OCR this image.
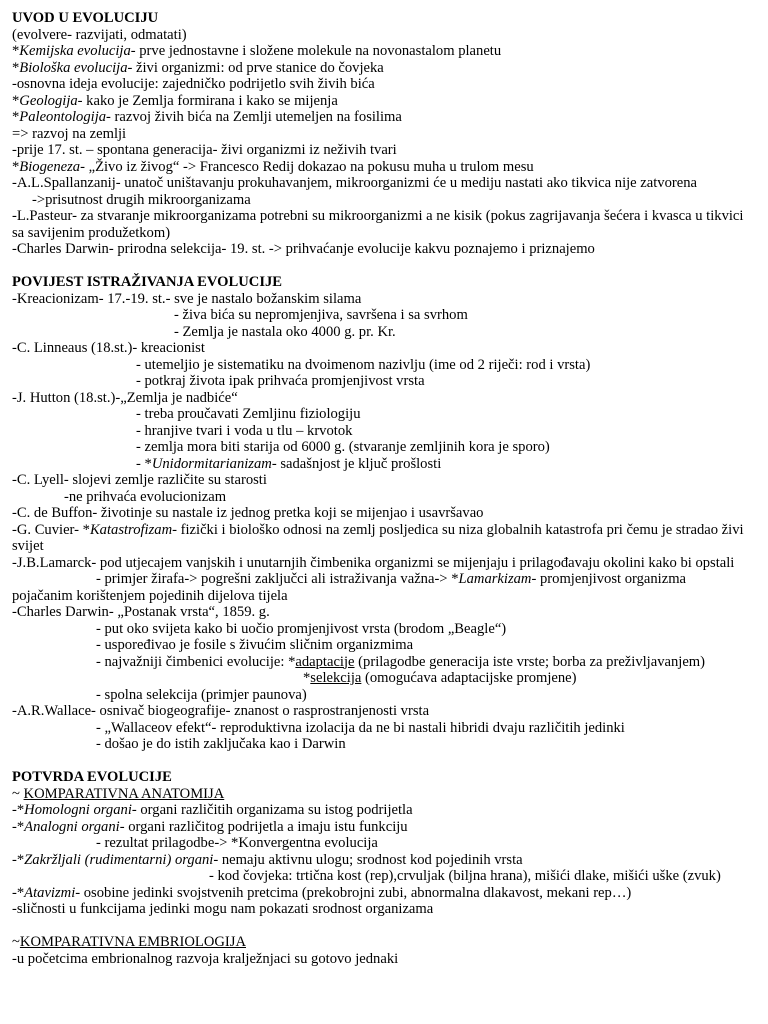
UVOD U EVOLUCIJU
(evolvere- razvijati, odmatati)
*Kemijska evolucija- prve jednostavne i složene molekule na novonastalom planetu
*Biološka evolucija- živi organizmi: od prve stanice do čovjeka
-osnovna ideja evolucije: zajedničko podrijetlo svih živih bića
*Geologija- kako je Zemlja formirana i kako se mijenja
*Paleontologija- razvoj živih bića na Zemlji utemeljen na fosilima
=> razvoj na zemlji
-prije 17. st. – spontana generacija- živi organizmi iz neživih tvari
*Biogeneza- „Živo iz živog“ -> Francesco Redij dokazao na pokusu muha u trulom mesu
-A.L.Spallanzanij- unatoč uništavanju prokuhavanjem, mikroorganizmi će u mediju nastati ako tikvica nije zatvorena
->prisutnost drugih mikroorganizama
-L.Pasteur- za stvaranje mikroorganizama potrebni su mikroorganizmi a ne kisik (pokus zagrijavanja šećera i kvasca u tikvici sa savijenim produžetkom)
-Charles Darwin- prirodna selekcija- 19. st. -> prihvaćanje evolucije kakvu poznajemo i priznajemo
POVIJEST ISTRAŽIVANJA EVOLUCIJE
-Kreacionizam- 17.-19. st.- sve je nastalo božanskim silama
- živa bića su nepromjenjiva, savršena i sa svrhom
- Zemlja je nastala oko 4000 g. pr. Kr.
-C. Linneaus (18.st.)- kreacionist
- utemeljio je sistematiku na dvoimenom nazivlju (ime od 2 riječi: rod i vrsta)
- potkraj života ipak prihvaća promjenjivost vrsta
-J. Hutton (18.st.)-„Zemlja je nadbiće“
- treba proučavati Zemljinu fiziologiju
- hranjive tvari i voda u tlu – krvotok
- zemlja mora biti starija od 6000 g. (stvaranje zemljinih kora je sporo)
- *Unidormitarianizam- sadašnjost je ključ prošlosti
-C. Lyell- slojevi zemlje različite su starosti
-ne prihvaća evolucionizam
-C. de Buffon- životinje su nastale iz jednog pretka koji se mijenjao i usavršavao
-G. Cuvier- *Katastrofizam- fizički i biološko odnosi na zemlj posljedica su niza globalnih katastrofa pri čemu je stradao živi svijet
-J.B.Lamarck- pod utjecajem vanjskih i unutarnjih čimbenika organizmi se mijenjaju i prilagođavaju okolini kako bi opstali
- primjer žirafa-> pogrešni zaključci ali istraživanja važna-> *Lamarkizam- promjenjivost organizma
pojačanim korištenjem pojedinih dijelova tijela
-Charles Darwin- „Postanak vrsta“, 1859. g.
- put oko svijeta kako bi uočio promjenjivost vrsta (brodom „Beagle“)
- uspoređivao je fosile s živućim sličnim organizmima
- najvažniji čimbenici evolucije: *adaptacije (prilagodbe generacija iste vrste; borba za preživljavanjem)
*selekcija (omogućava adaptacijske promjene)
- spolna selekcija (primjer paunova)
-A.R.Wallace- osnivač biogeografije- znanost o rasprostranjenosti vrsta
- „Wallaceov efekt“- reproduktivna izolacija da ne bi nastali hibridi dvaju različitih jedinki
- došao je do istih zaključaka kao i Darwin
POTVRDA EVOLUCIJE
~ KOMPARATIVNA ANATOMIJA
-*Homologni organi- organi različitih organizama su istog podrijetla
-*Analogni organi- organi različitog podrijetla a imaju istu funkciju
- rezultat prilagodbe-> *Konvergentna evolucija
-*Zakržljali (rudimentarni) organi- nemaju aktivnu ulogu; srodnost kod pojedinih vrsta
- kod čovjeka: trtična kost (rep),crvuljak (biljna hrana), mišići dlake, mišići uške (zvuk)
-*Atavizmi- osobine jedinki svojstvenih pretcima (prekobrojni zubi, abnormalna dlakavost, mekani rep…)
-sličnosti u funkcijama jedinki mogu nam pokazati srodnost organizama
~KOMPARATIVNA EMBRIOLOGIJA
-u početcima embrionalnog razvoja kralježnjaci su gotovo jednaki
